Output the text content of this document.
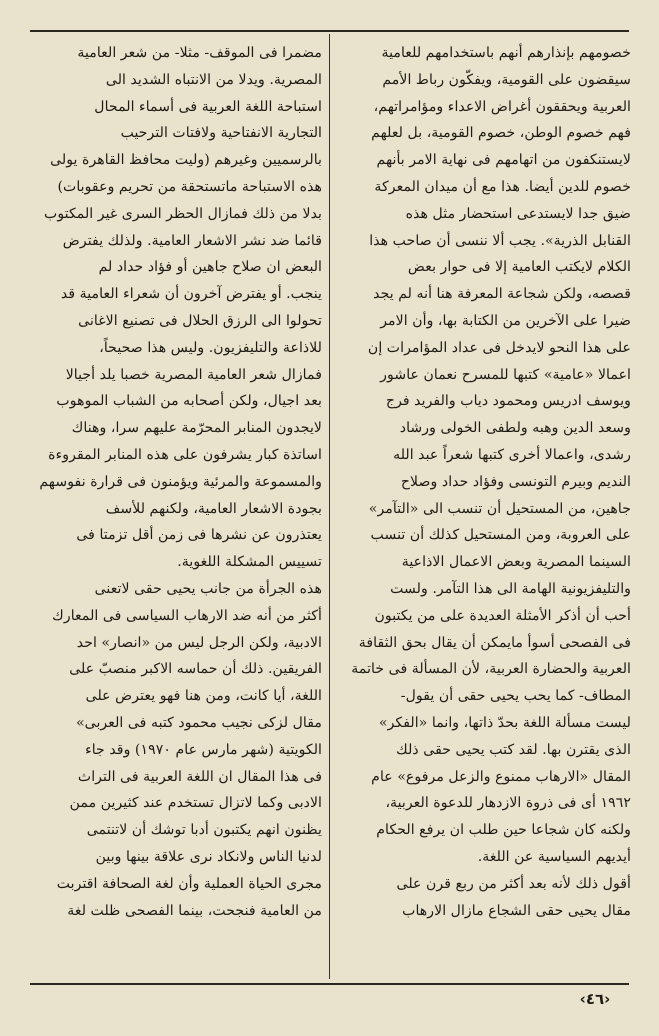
خصومهم بإنذارهم أنهم باستخدامهم للعامية
سيقضون على القومية، ويفكّون رباط الأمم
العربية ويحققون أغراض الاعداء ومؤامراتهم،
فهم خصوم الوطن، خصوم القومية، بل لعلهم
لايستنكفون من اتهامهم فى نهاية الامر بأنهم
خصوم للدين أيضا. هذا مع أن ميدان المعركة
ضيق جدا لايستدعى استحضار مثل هذه
القنابل الذرية». يجب ألا ننسى أن صاحب هذا
الكلام لايكتب العامية إلا فى حوار بعض
قصصه، ولكن شجاعة المعرفة هنا أنه لم يجد
ضيرا على الآخرين من الكتابة بها، وأن الامر
على هذا النحو لايدخل فى عداد المؤامرات إن
اعمالا «عامية» كتبها للمسرح نعمان عاشور
ويوسف ادريس ومحمود دياب والفريد فرج
وسعد الدين وهبه ولطفى الخولى ورشاد
رشدى، واعمالا أخرى كتبها شعراً عبد الله
النديم وبيرم التونسى وفؤاد حداد وصلاح
جاهين، من المستحيل أن تنسب الى «التآمر»
على العروبة، ومن المستحيل كذلك أن تنسب
السينما المصرية وبعض الاعمال الاذاعية
والتليفزيونية الهامة الى هذا التآمر. ولست
أحب أن أذكر الأمثلة العديدة على من يكتبون
فى الفصحى أسوأ مايمكن أن يقال بحق الثقافة
العربية والحضارة العربية، لأن المسألة فى خاتمة
المطاف- كما يحب يحيى حقى أن يقول-
ليست مسألة اللغة بحدّ ذاتها، وانما «الفكر»
الذى يقترن بها. لقد كتب يحيى حقى ذلك
المقال «الارهاب ممنوع والزعل مرفوع» عام
١٩٦٢ أى فى ذروة الازدهار للدعوة العربية،
ولكنه كان شجاعا حين طلب ان يرفع الحكام
أيديهم السياسية عن اللغة.
أقول ذلك لأنه بعد أكثر من ربع قرن على
مقال يحيى حقى الشجاع مازال الارهاب
مضمرا فى الموقف- مثلا- من شعر العامية
المصرية. ويدلا من الانتباه الشديد الى
استباحة اللغة العربية فى أسماء المحال
التجارية الانفتاحية ولافتات الترحيب
بالرسميين وغيرهم (وليت محافظ القاهرة يولى
هذه الاستباحة ماتستحقة من تحريم وعقوبات)
بدلا من ذلك فمازال الحظر السرى غير المكتوب
قائما ضد نشر الاشعار العامية. ولذلك يفترض
البعض ان صلاح جاهين أو فؤاد حداد لم
ينجب. أو يفترض آخرون أن شعراء العامية قد
تحولوا الى الرزق الحلال فى تصنيع الاغانى
للاذاعة والتليفزيون. وليس هذا صحيحاً،
فمازال شعر العامية المصرية خصبا يلد أجيالا
بعد اجيال، ولكن أصحابه من الشباب الموهوب
لايجدون المنابر المحرّمة عليهم سرا، وهناك
اساتذة كبار يشرفون على هذه المنابر المقروءة
والمسموعة والمرئية ويؤمنون فى قرارة نفوسهم
بجودة الاشعار العامية، ولكنهم للأسف
يعتذرون عن نشرها فى زمن أقل تزمتا فى
تسييس المشكلة اللغوية.
هذه الجرأة من جانب يحيى حقى لاتعنى
أكثر من أنه ضد الارهاب السياسى فى المعارك
الادبية، ولكن الرجل ليس من «انصار» احد
الفريقين. ذلك أن حماسه الاكبر منصبّ على
اللغة، أيا كانت، ومن هنا فهو يعترض على
مقال لزكى نجيب محمود كتبه فى العربى»
الكويتية (شهر مارس عام ١٩٧٠) وقد جاء
فى هذا المقال ان اللغة العربية فى التراث
الادبى وكما لاتزال تستخدم عند كثيرين ممن
يظنون انهم يكتبون أدبا توشك أن لاتنتمى
لدنيا الناس ولانكاد نرى علاقة بينها وبين
مجرى الحياة العملية وأن لغة الصحافة اقتربت
من العامية فنجحت، بينما الفصحى ظلت لغة
‹٤٦›
